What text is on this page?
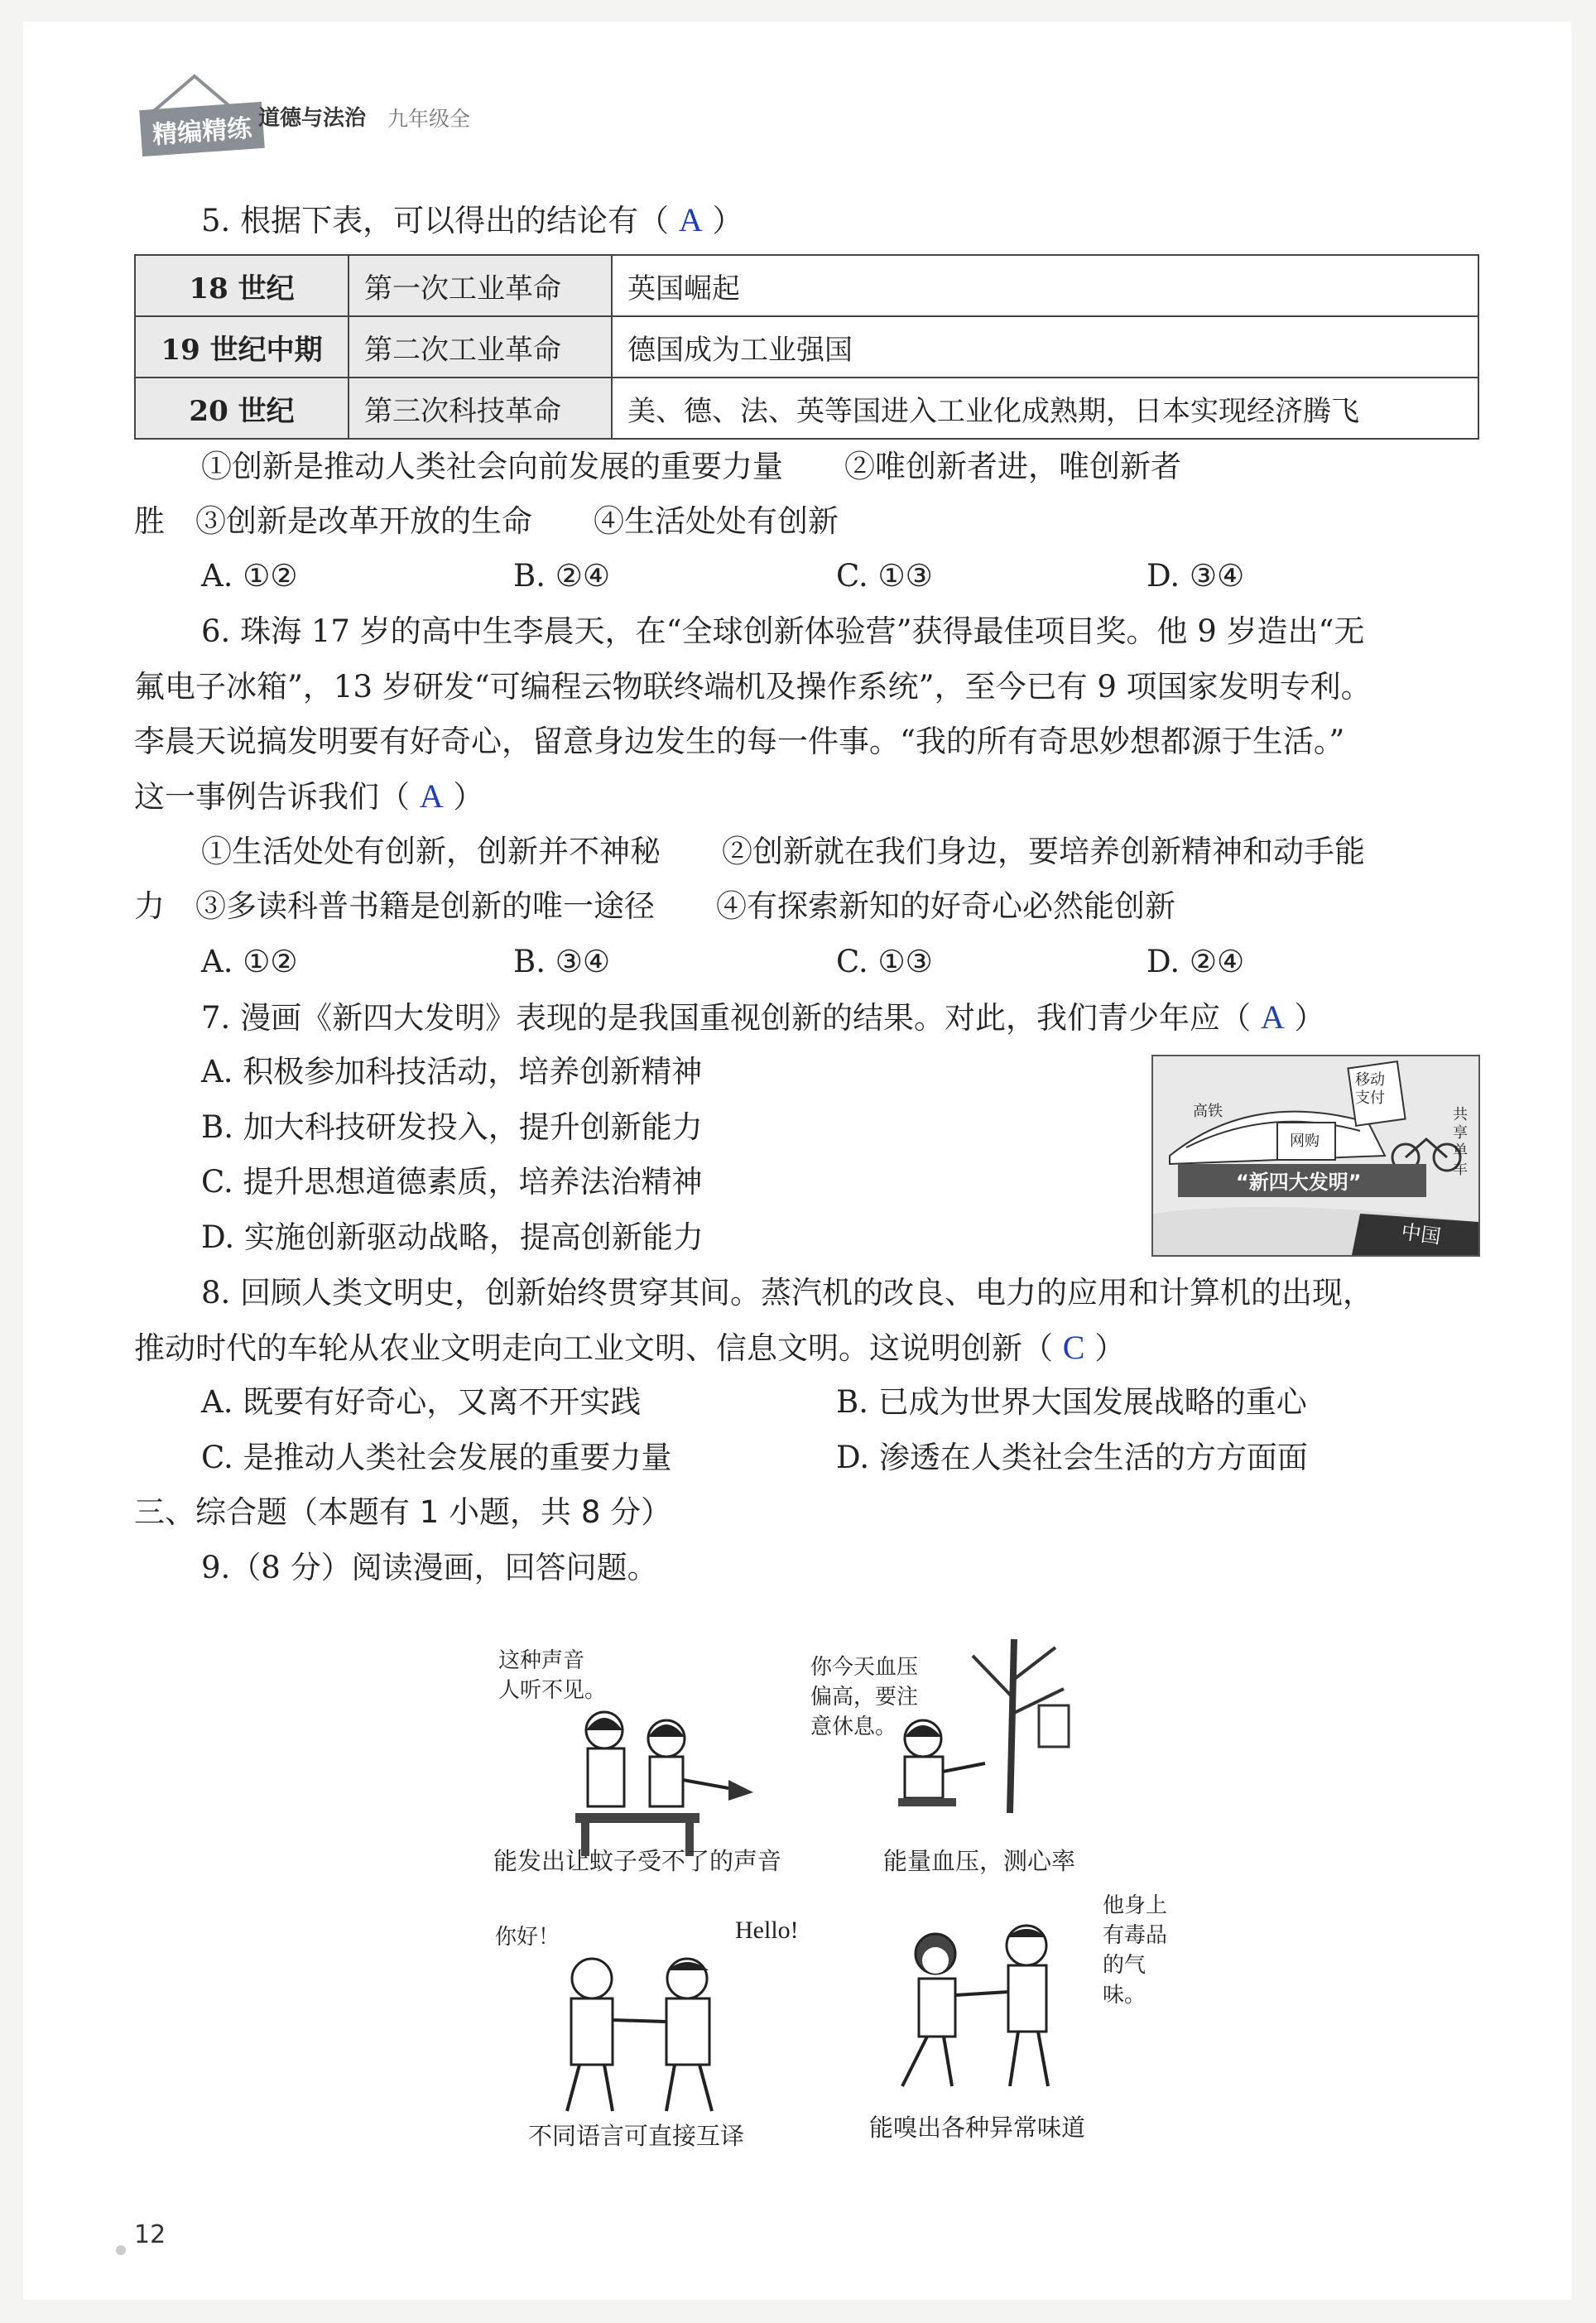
精编精练 道德与法治 九年级全
5. 根据下表，可以得出的结论有（ A ）
18 世纪	第一次工业革命	英国崛起
19 世纪中期	第二次工业革命	德国成为工业强国
20 世纪	第三次科技革命	美、德、法、英等国进入工业化成熟期，日本实现经济腾飞
①创新是推动人类社会向前发展的重要力量　　②唯创新者进，唯创新者
胜　③创新是改革开放的生命　　④生活处处有创新
A. ①②	B. ②④	C. ①③	D. ③④
6. 珠海 17 岁的高中生李晨天，在“全球创新体验营”获得最佳项目奖。他 9 岁造出“无
氟电子冰箱”，13 岁研发“可编程云物联终端机及操作系统”，至今已有 9 项国家发明专利。
李晨天说搞发明要有好奇心，留意身边发生的每一件事。“我的所有奇思妙想都源于生活。”
这一事例告诉我们（ A ）
①生活处处有创新，创新并不神秘　　②创新就在我们身边，要培养创新精神和动手能
力　③多读科普书籍是创新的唯一途径　　④有探索新知的好奇心必然能创新
A. ①②	B. ③④	C. ①③	D. ②④
7. 漫画《新四大发明》表现的是我国重视创新的结果。对此，我们青少年应（ A ）
A. 积极参加科技活动，培养创新精神
B. 加大科技研发投入，提升创新能力
C. 提升思想道德素质，培养法治精神
D. 实施创新驱动战略，提高创新能力
“新四大发明”
高铁
移动支付
网购
共享单车
中国
8. 回顾人类文明史，创新始终贯穿其间。蒸汽机的改良、电力的应用和计算机的出现，
推动时代的车轮从农业文明走向工业文明、信息文明。这说明创新（ C ）
A. 既要有好奇心，又离不开实践	B. 已成为世界大国发展战略的重心
C. 是推动人类社会发展的重要力量	D. 渗透在人类社会生活的方方面面
三、综合题（本题有 1 小题，共 8 分）
9.（8 分）阅读漫画，回答问题。
这种声音
人听不见。
能发出让蚊子受不了的声音
你今天血压
偏高，要注
意休息。
能量血压，测心率
你好！	Hello!
不同语言可直接互译
他身上
有毒品
的气味。
能嗅出各种异常味道
12
